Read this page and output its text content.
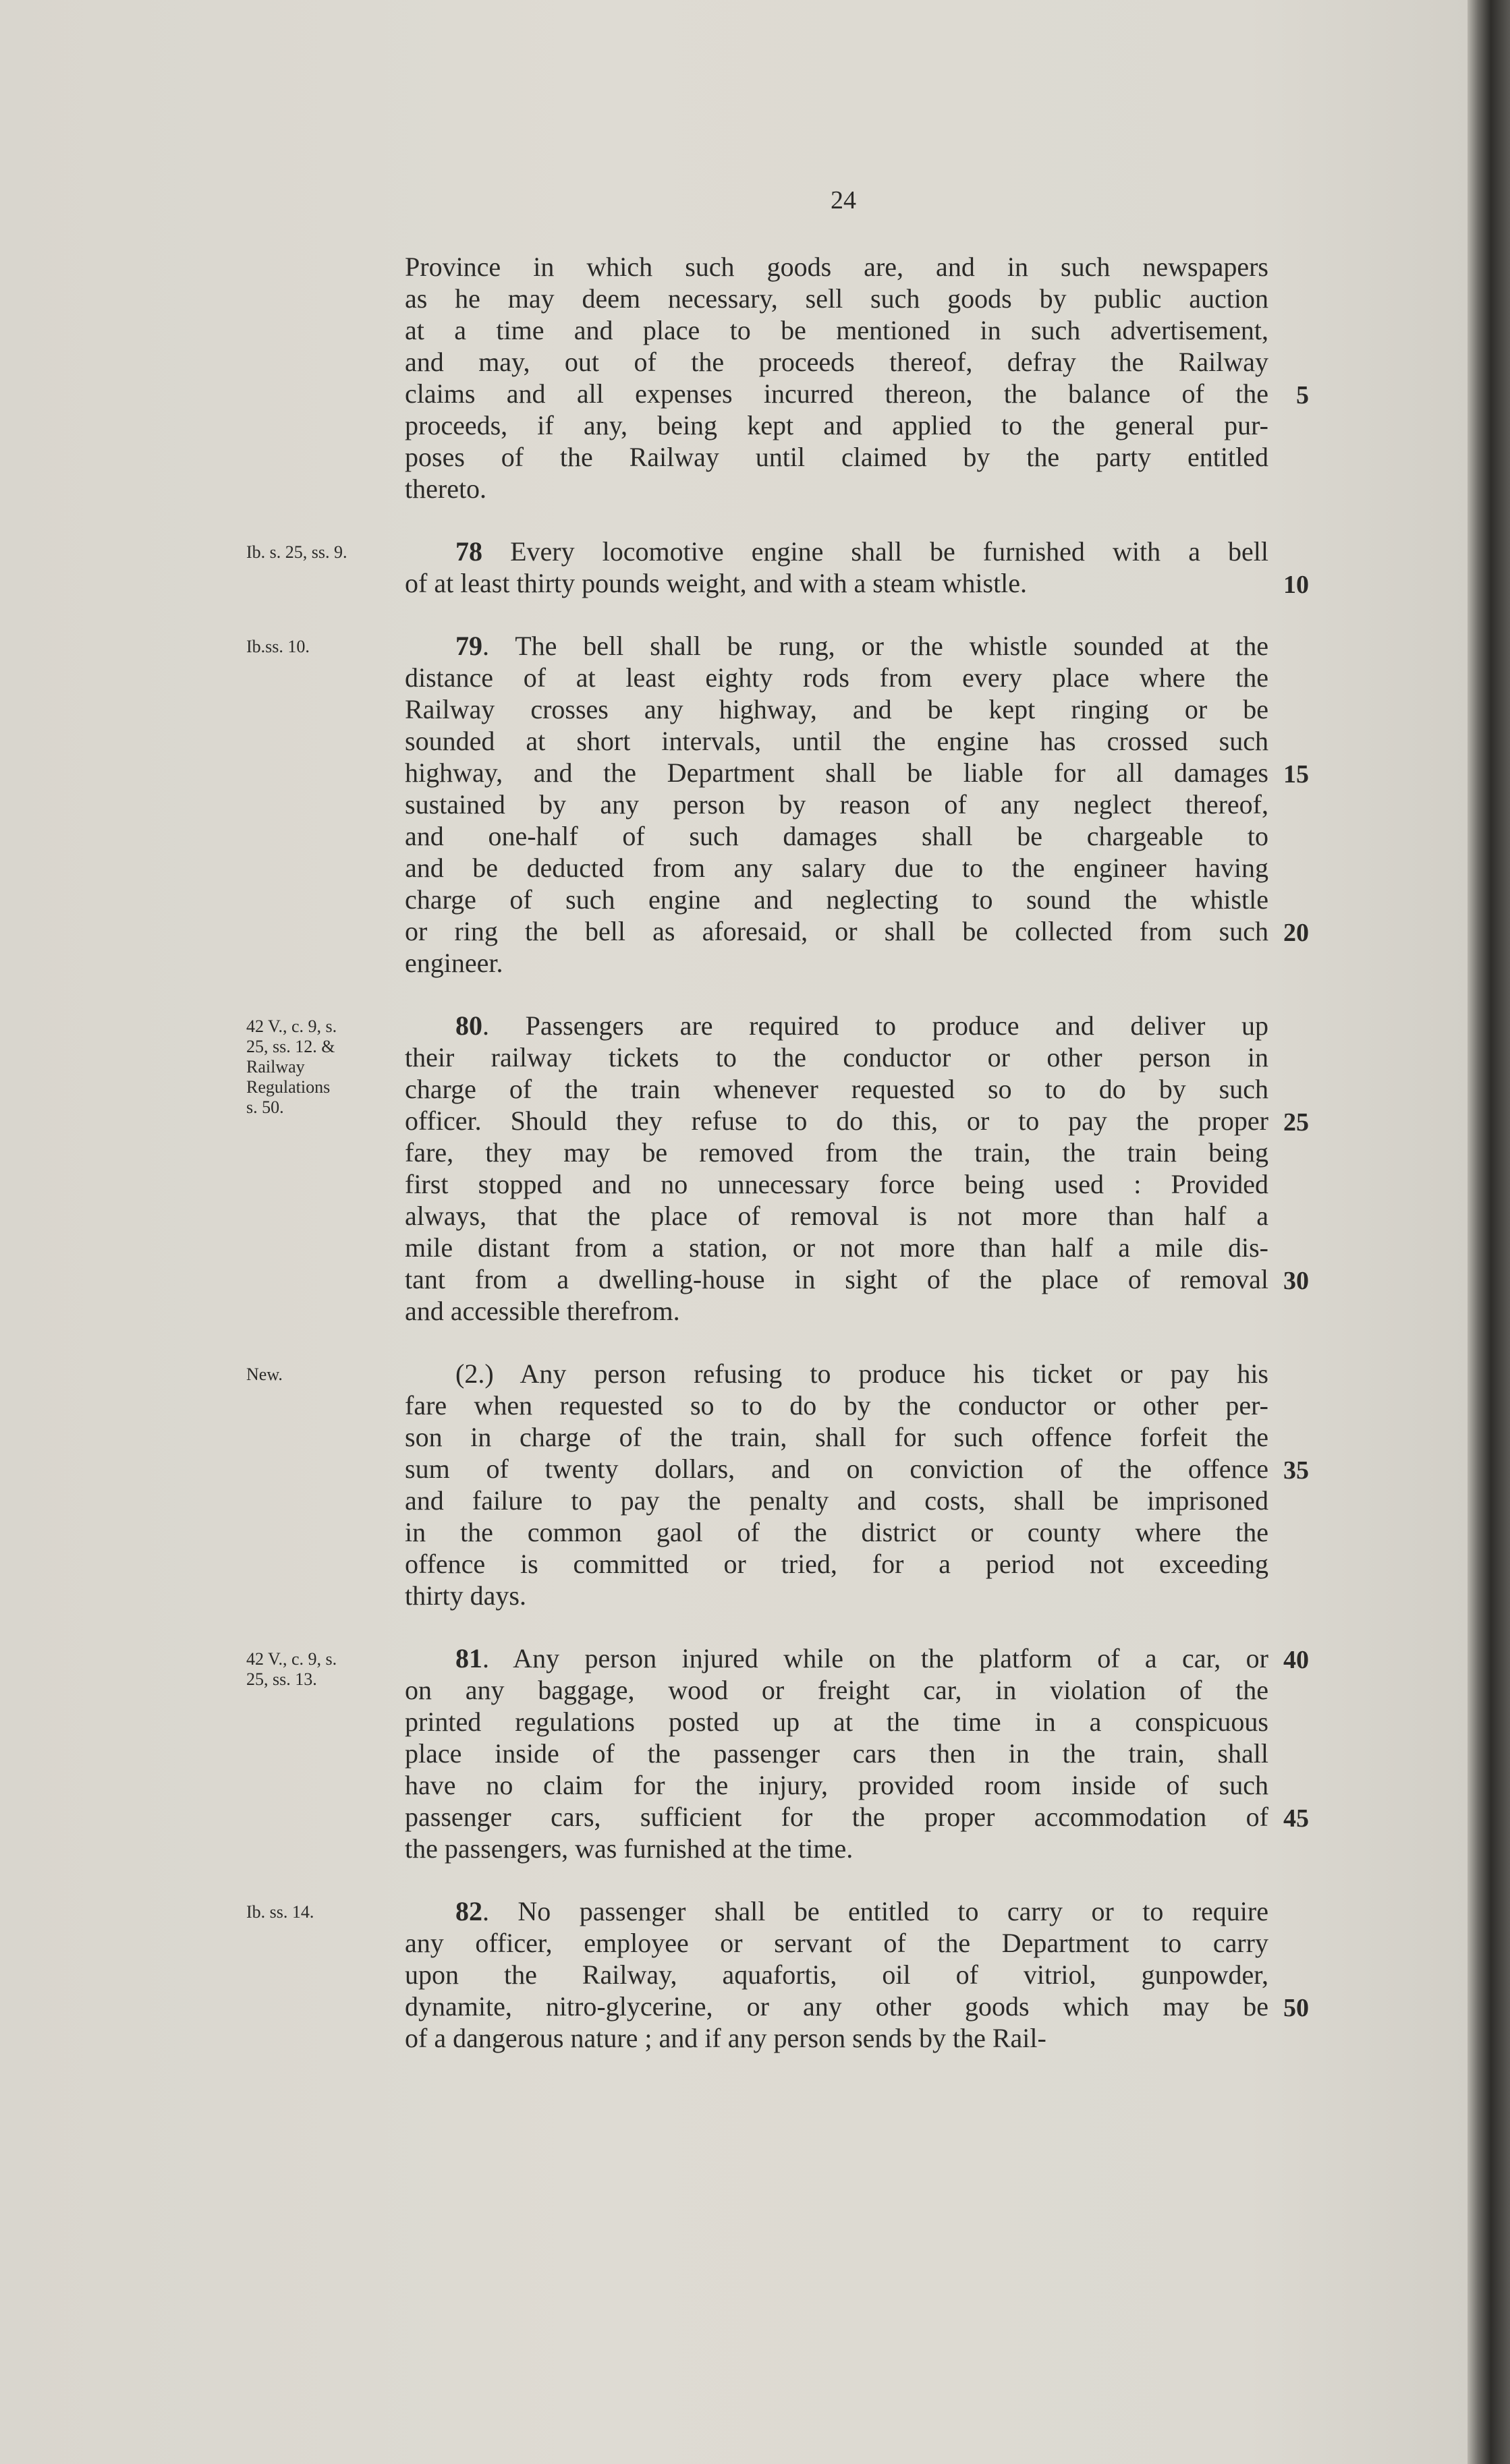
24
Province in which such goods are, and in such newspapers
as he may deem necessary, sell such goods by public auction
at a time and place to be mentioned in such advertisement,
and may, out of the proceeds thereof, defray the Railway
claims and all expenses incurred thereon, the balance of the
proceeds, if any, being kept and applied to the general pur-
poses of the Railway until claimed by the party entitled
thereto.
Ib. s. 25, ss. 9.	78 Every locomotive engine shall be furnished with a bell
of at least thirty pounds weight, and with a steam whistle.
Ib.ss. 10.	79. The bell shall be rung, or the whistle sounded at the
distance of at least eighty rods from every place where the
Railway crosses any highway, and be kept ringing or be
sounded at short intervals, until the engine has crossed such
highway, and the Department shall be liable for all damages
sustained by any person by reason of any neglect thereof,
and one-half of such damages shall be chargeable to
and be deducted from any salary due to the engineer having
charge of such engine and neglecting to sound the whistle
or ring the bell as aforesaid, or shall be collected from such
engineer.
42 V., c. 9, s.
25, ss. 12. &
Railway
Regulations
s. 50.
80. Passengers are required to produce and deliver up
their railway tickets to the conductor or other person in
charge of the train whenever requested so to do by such
officer. Should they refuse to do this, or to pay the proper
fare, they may be removed from the train, the train being
first stopped and no unnecessary force being used : Provided
always, that the place of removal is not more than half a
mile distant from a station, or not more than half a mile dis-
tant from a dwelling-house in sight of the place of removal
and accessible therefrom.
New.	(2.) Any person refusing to produce his ticket or pay his
fare when requested so to do by the conductor or other per-
son in charge of the train, shall for such offence forfeit the
sum of twenty dollars, and on conviction of the offence
and failure to pay the penalty and costs, shall be imprisoned
in the common gaol of the district or county where the
offence is committed or tried, for a period not exceeding
thirty days.
42 V., c. 9, s.
25, ss. 13.
81. Any person injured while on the platform of a car, or
on any baggage, wood or freight car, in violation of the
printed regulations posted up at the time in a conspicuous
place inside of the passenger cars then in the train, shall
have no claim for the injury, provided room inside of such
passenger cars, sufficient for the proper accommodation of
the passengers, was furnished at the time.
Ib. ss. 14.	82. No passenger shall be entitled to carry or to require
any officer, employee or servant of the Department to carry
upon the Railway, aquafortis, oil of vitriol, gunpowder,
dynamite, nitro-glycerine, or any other goods which may be
of a dangerous nature ; and if any person sends by the Rail-
5
10
15
20
25
30
35
40
45
50
